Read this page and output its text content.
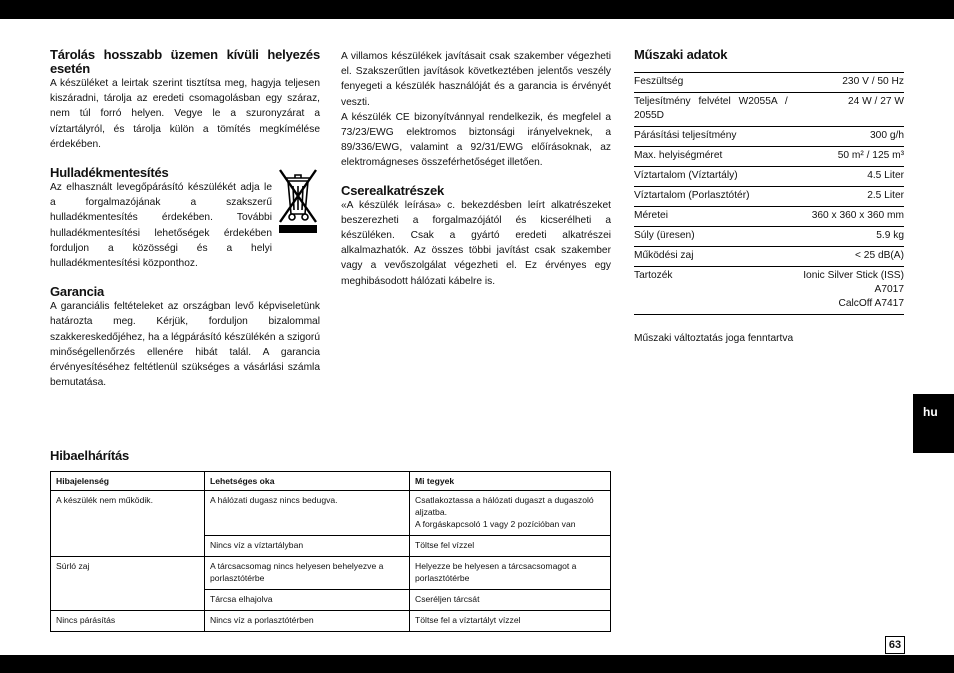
Tárolás hosszabb üzemen kívüli helyezés esetén

A készüléket a leirtak szerint tisztítsa meg, hagyja teljesen kiszáradni, tárolja az eredeti csomagolásban egy száraz, nem túl forró helyen. Vegye le a szuronyzárat a víztartályról, és tárolja külön a tömítés megkímélése érdekében.

Hulladékmentesítés

Az elhasznált levegőpárásító készülékét adja le a forgalmazójának a szakszerű hulladékmentesítés érdekében. További hulladékmentesítési lehetőségek érdekében forduljon a közösségi és a helyi hulladékmentesítési központhoz.

Garancia

A garanciális feltételeket az országban levő képviseletünk határozta meg. Kérjük, forduljon bizalommal szakkereskedőjéhez, ha a légpárásító készülékén a szigorú minőségellenőrzés ellenére hibát talál. A garancia érvényesítéséhez feltétlenül szükséges a vásárlási számla bemutatása.

A villamos készülékek javításait csak szakember végezheti el. Szakszerűtlen javítások következtében jelentős veszély fenyegeti a készülék használóját és a garancia is érvényét veszti.

A készülék CE bizonyítvánnyal rendelkezik, és megfelel a 73/23/EWG elektromos biztonsági irányelveknek, a 89/336/EWG, valamint a 92/31/EWG előírásoknak, az elektromágneses összeférhetőséget illetően.

Cserealkatrészek

«A készülék leírása» c. bekezdésben leírt alkatrészeket beszerezheti a forgalmazójától és kicserélheti a készüléken. Csak a gyártó eredeti alkatrészei alkalmazhatók. Az összes többi javítást csak szakember vagy a vevőszolgálat végezheti el. Ez érvényes egy meghibásodott hálózati kábelre is.

Műszaki adatok
Feszültség	230 V / 50 Hz

Teljesítmény felvétel W2055A / 2055D	24 W / 27 W

Párásítási teljesítmény	300 g/h

Max. helyiségméret	50 m² / 125 m³

Víztartalom (Víztartály)	4.5 Liter

Víztartalom (Porlasztótér)	2.5 Liter

Méretei	360 x 360 x 360 mm

Súly (üresen)	5.9 kg

Működési zaj	< 25 dB(A)

Tartozék	Ionic Silver Stick (ISS) A7017
CalcOff A7417

Műszaki változtatás joga fenntartva

Hibaelhárítás
Hibajelenség	Lehetséges oka	Mi tegyek
A készülék nem működik.	A hálózati dugasz nincs bedugva.	Csatlakoztassa a hálózati dugaszt a dugaszoló aljzatba.
A forgáskapcsoló 1 vagy 2 pozícióban van

	Nincs víz a víztartályban	Töltse fel vízzel

Súrló zaj	A tárcsacsomag nincs helyesen behelyezve a porlasztótérbe	Helyezze be helyesen a tárcsacsomagot a porlasztótérbe

	Tárcsa elhajolva	Cseréljen tárcsát

Nincs párásítás	Nincs víz a porlasztótérben	Töltse fel a víztartályt vízzel
hu
63
